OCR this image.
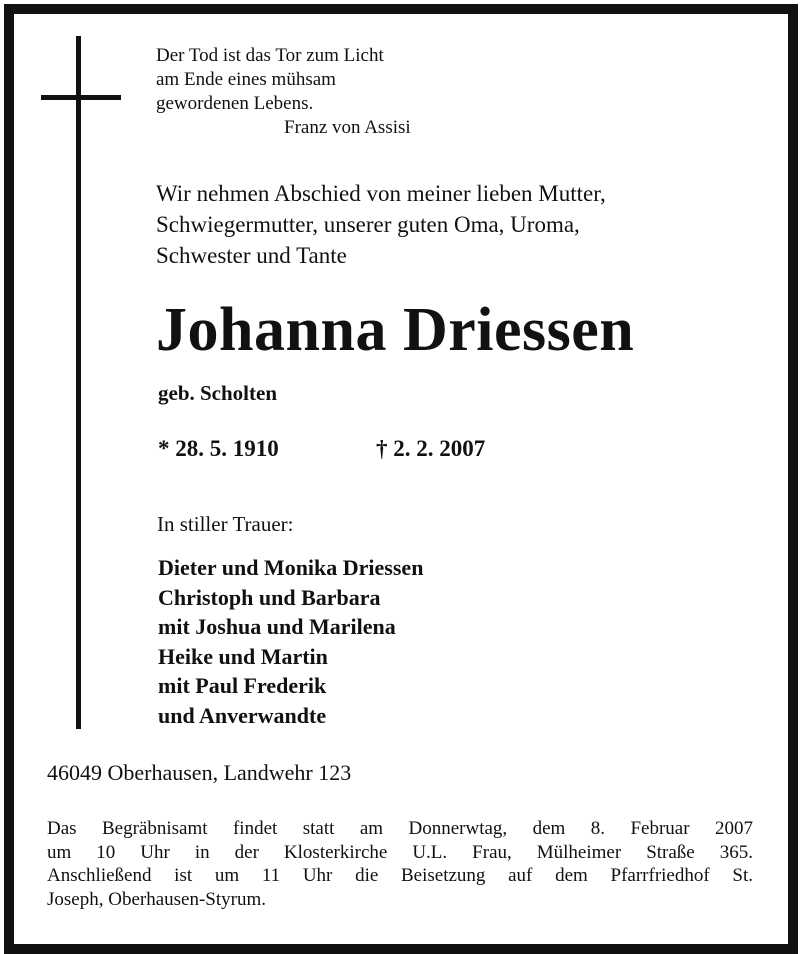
Der Tod ist das Tor zum Licht
am Ende eines mühsam
gewordenen Lebens.
Franz von Assisi
Wir nehmen Abschied von meiner lieben Mutter,
Schwiegermutter, unserer guten Oma, Uroma,
Schwester und Tante
Johanna Driessen
geb. Scholten
* 28. 5. 1910	† 2. 2. 2007
In stiller Trauer:
Dieter und Monika Driessen
Christoph und Barbara
mit Joshua und Marilena
Heike und Martin
mit Paul Frederik
und Anverwandte
46049 Oberhausen, Landwehr 123
Das Begräbnisamt findet statt am Donnerwtag, dem 8. Februar 2007
um 10 Uhr in der Klosterkirche U.L. Frau, Mülheimer Straße 365.
Anschließend ist um 11 Uhr die Beisetzung auf dem Pfarrfriedhof St.
Joseph, Oberhausen-Styrum.
